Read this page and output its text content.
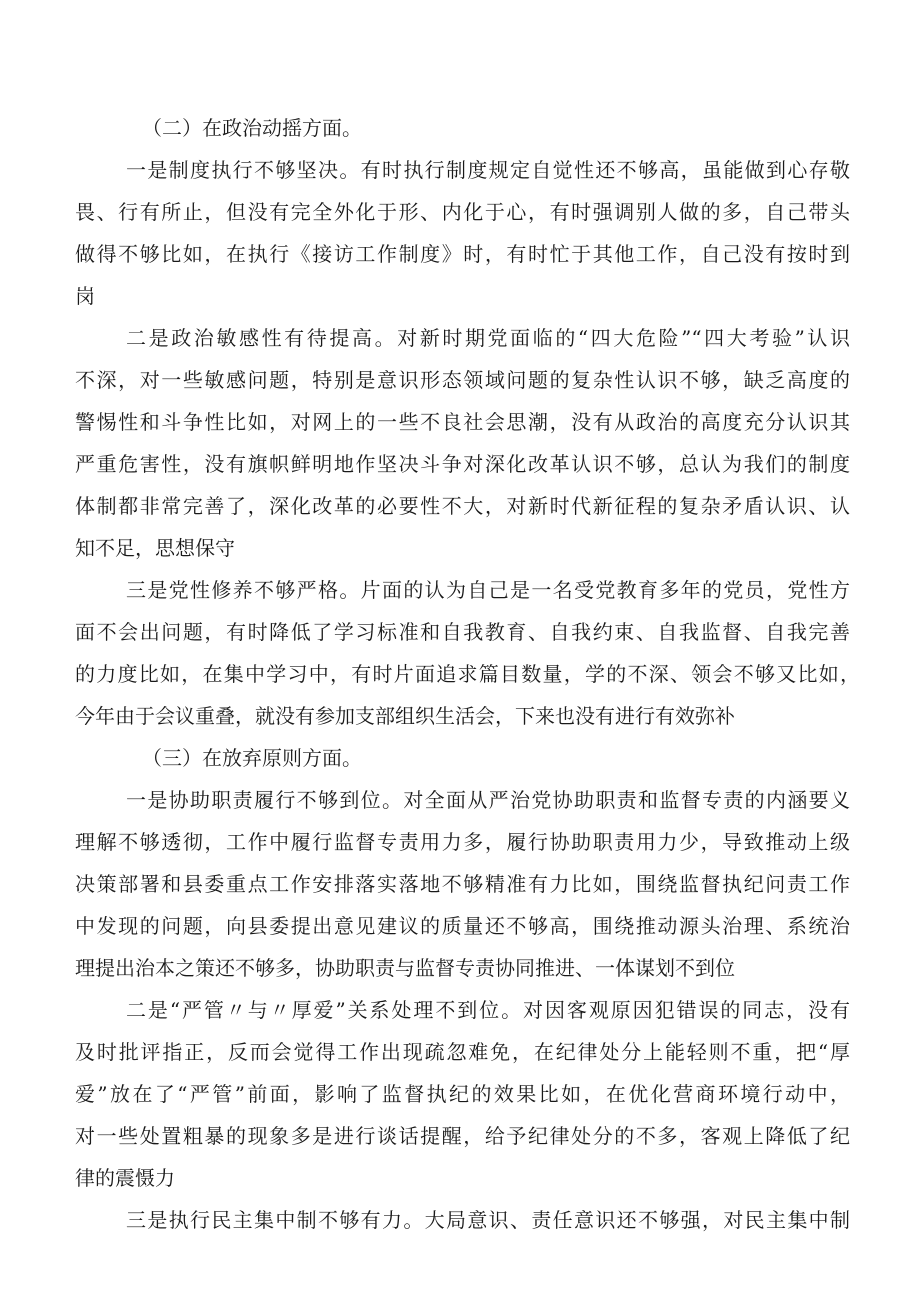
（二）在政治动摇方面。
一是制度执行不够坚决。有时执行制度规定自觉性还不够高，虽能做到心存敬
畏、行有所止，但没有完全外化于形、内化于心，有时强调别人做的多，自己带头
做得不够比如，在执行《接访工作制度》时，有时忙于其他工作，自己没有按时到
岗
二是政治敏感性有待提高。对新时期党面临的“四大危险”“四大考验”认识
不深，对一些敏感问题，特别是意识形态领域问题的复杂性认识不够，缺乏高度的
警惕性和斗争性比如，对网上的一些不良社会思潮，没有从政治的高度充分认识其
严重危害性，没有旗帜鲜明地作坚决斗争对深化改革认识不够，总认为我们的制度
体制都非常完善了，深化改革的必要性不大，对新时代新征程的复杂矛盾认识、认
知不足，思想保守
三是党性修养不够严格。片面的认为自己是一名受党教育多年的党员，党性方
面不会出问题，有时降低了学习标准和自我教育、自我约束、自我监督、自我完善
的力度比如，在集中学习中，有时片面追求篇目数量，学的不深、领会不够又比如，
今年由于会议重叠，就没有参加支部组织生活会，下来也没有进行有效弥补
（三）在放弃原则方面。
一是协助职责履行不够到位。对全面从严治党协助职责和监督专责的内涵要义
理解不够透彻，工作中履行监督专责用力多，履行协助职责用力少，导致推动上级
决策部署和县委重点工作安排落实落地不够精准有力比如，围绕监督执纪问责工作
中发现的问题，向县委提出意见建议的质量还不够高，围绕推动源头治理、系统治
理提出治本之策还不够多，协助职责与监督专责协同推进、一体谋划不到位
二是“严管〃与〃厚爱”关系处理不到位。对因客观原因犯错误的同志，没有
及时批评指正，反而会觉得工作出现疏忽难免，在纪律处分上能轻则不重，把“厚
爱”放在了“严管”前面，影响了监督执纪的效果比如，在优化营商环境行动中，
对一些处置粗暴的现象多是进行谈话提醒，给予纪律处分的不多，客观上降低了纪
律的震慑力
三是执行民主集中制不够有力。大局意识、责任意识还不够强，对民主集中制
